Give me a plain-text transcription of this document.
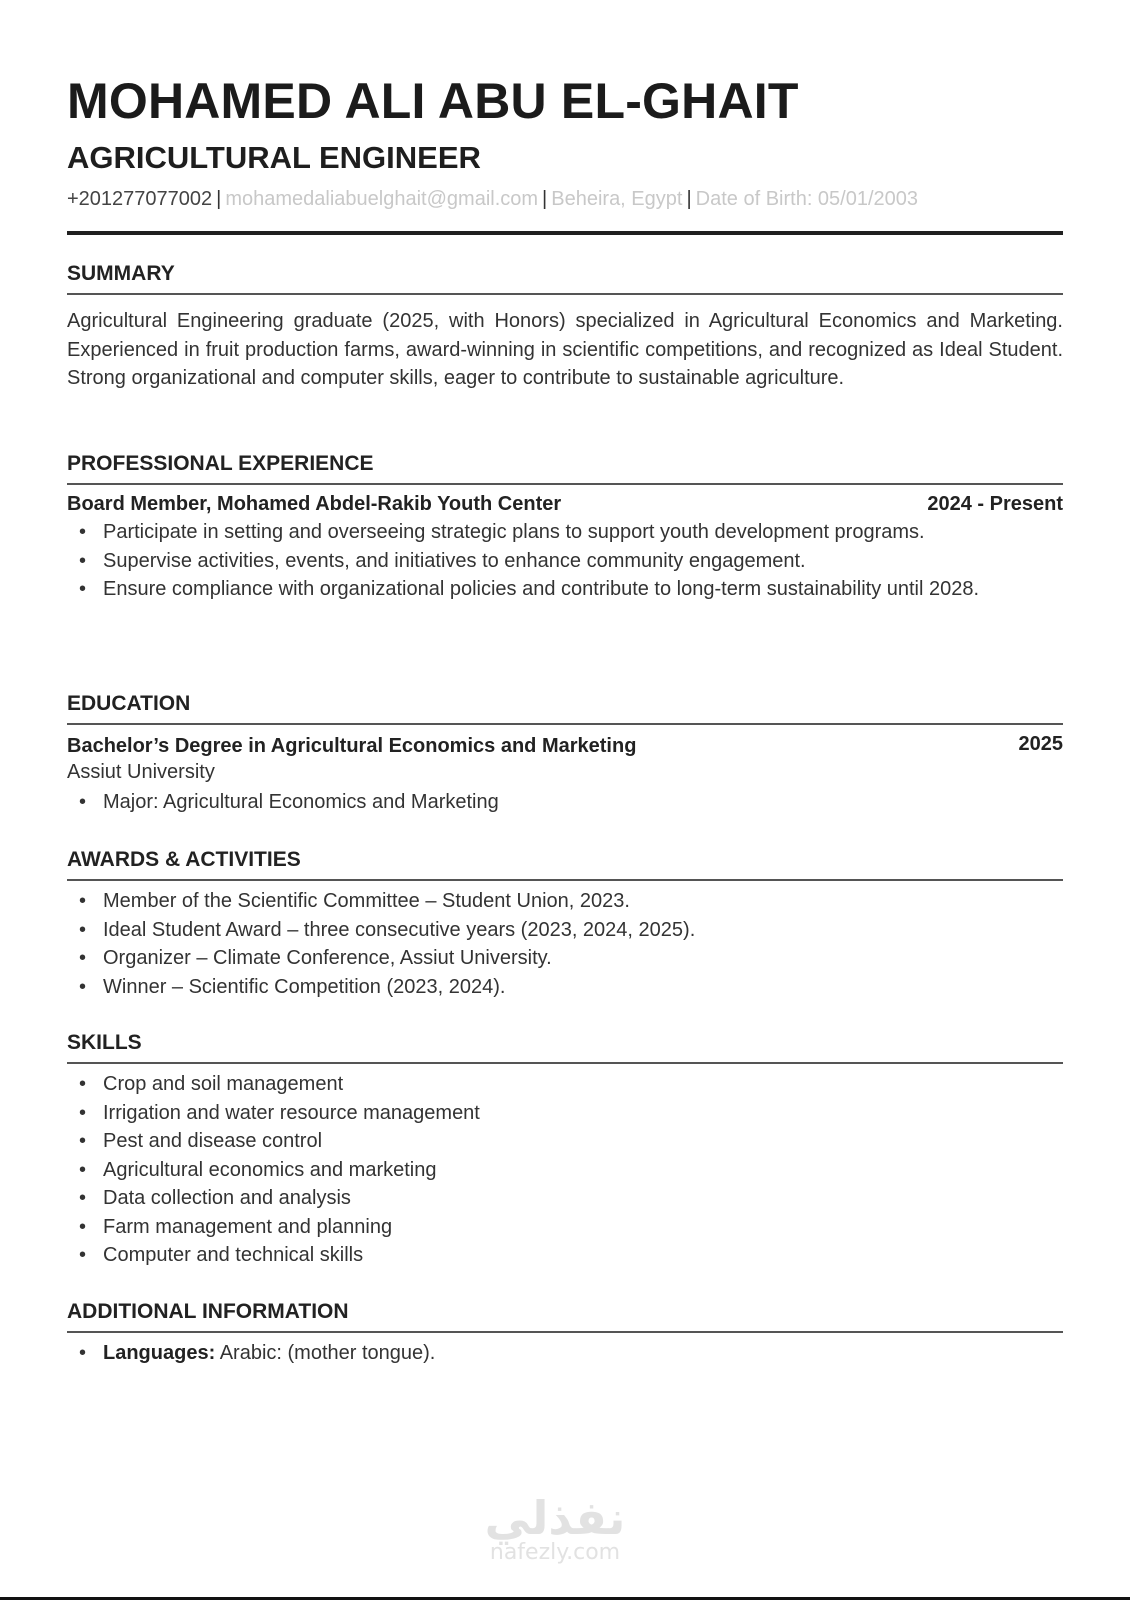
MOHAMED ALI ABU EL-GHAIT
AGRICULTURAL ENGINEER
+201277077002 | mohamedaliabuelghait@gmail.com | Beheira, Egypt | Date of Birth: 05/01/2003
SUMMARY
Agricultural Engineering graduate (2025, with Honors) specialized in Agricultural Economics and Marketing. Experienced in fruit production farms, award-winning in scientific competitions, and recognized as Ideal Student. Strong organizational and computer skills, eager to contribute to sustainable agriculture.
PROFESSIONAL EXPERIENCE
Board Member, Mohamed Abdel-Rakib Youth Center	2024 - Present
• Participate in setting and overseeing strategic plans to support youth development programs.
• Supervise activities, events, and initiatives to enhance community engagement.
• Ensure compliance with organizational policies and contribute to long-term sustainability until 2028.
EDUCATION
2025
Bachelor’s Degree in Agricultural Economics and Marketing
Assiut University
• Major: Agricultural Economics and Marketing
AWARDS & ACTIVITIES
• Member of the Scientific Committee – Student Union, 2023.
• Ideal Student Award – three consecutive years (2023, 2024, 2025).
• Organizer – Climate Conference, Assiut University.
• Winner – Scientific Competition (2023, 2024).
SKILLS
• Crop and soil management
• Irrigation and water resource management
• Pest and disease control
• Agricultural economics and marketing
• Data collection and analysis
• Farm management and planning
• Computer and technical skills
ADDITIONAL INFORMATION
• Languages: Arabic: (mother tongue).
نفذلي
nafezly.com
